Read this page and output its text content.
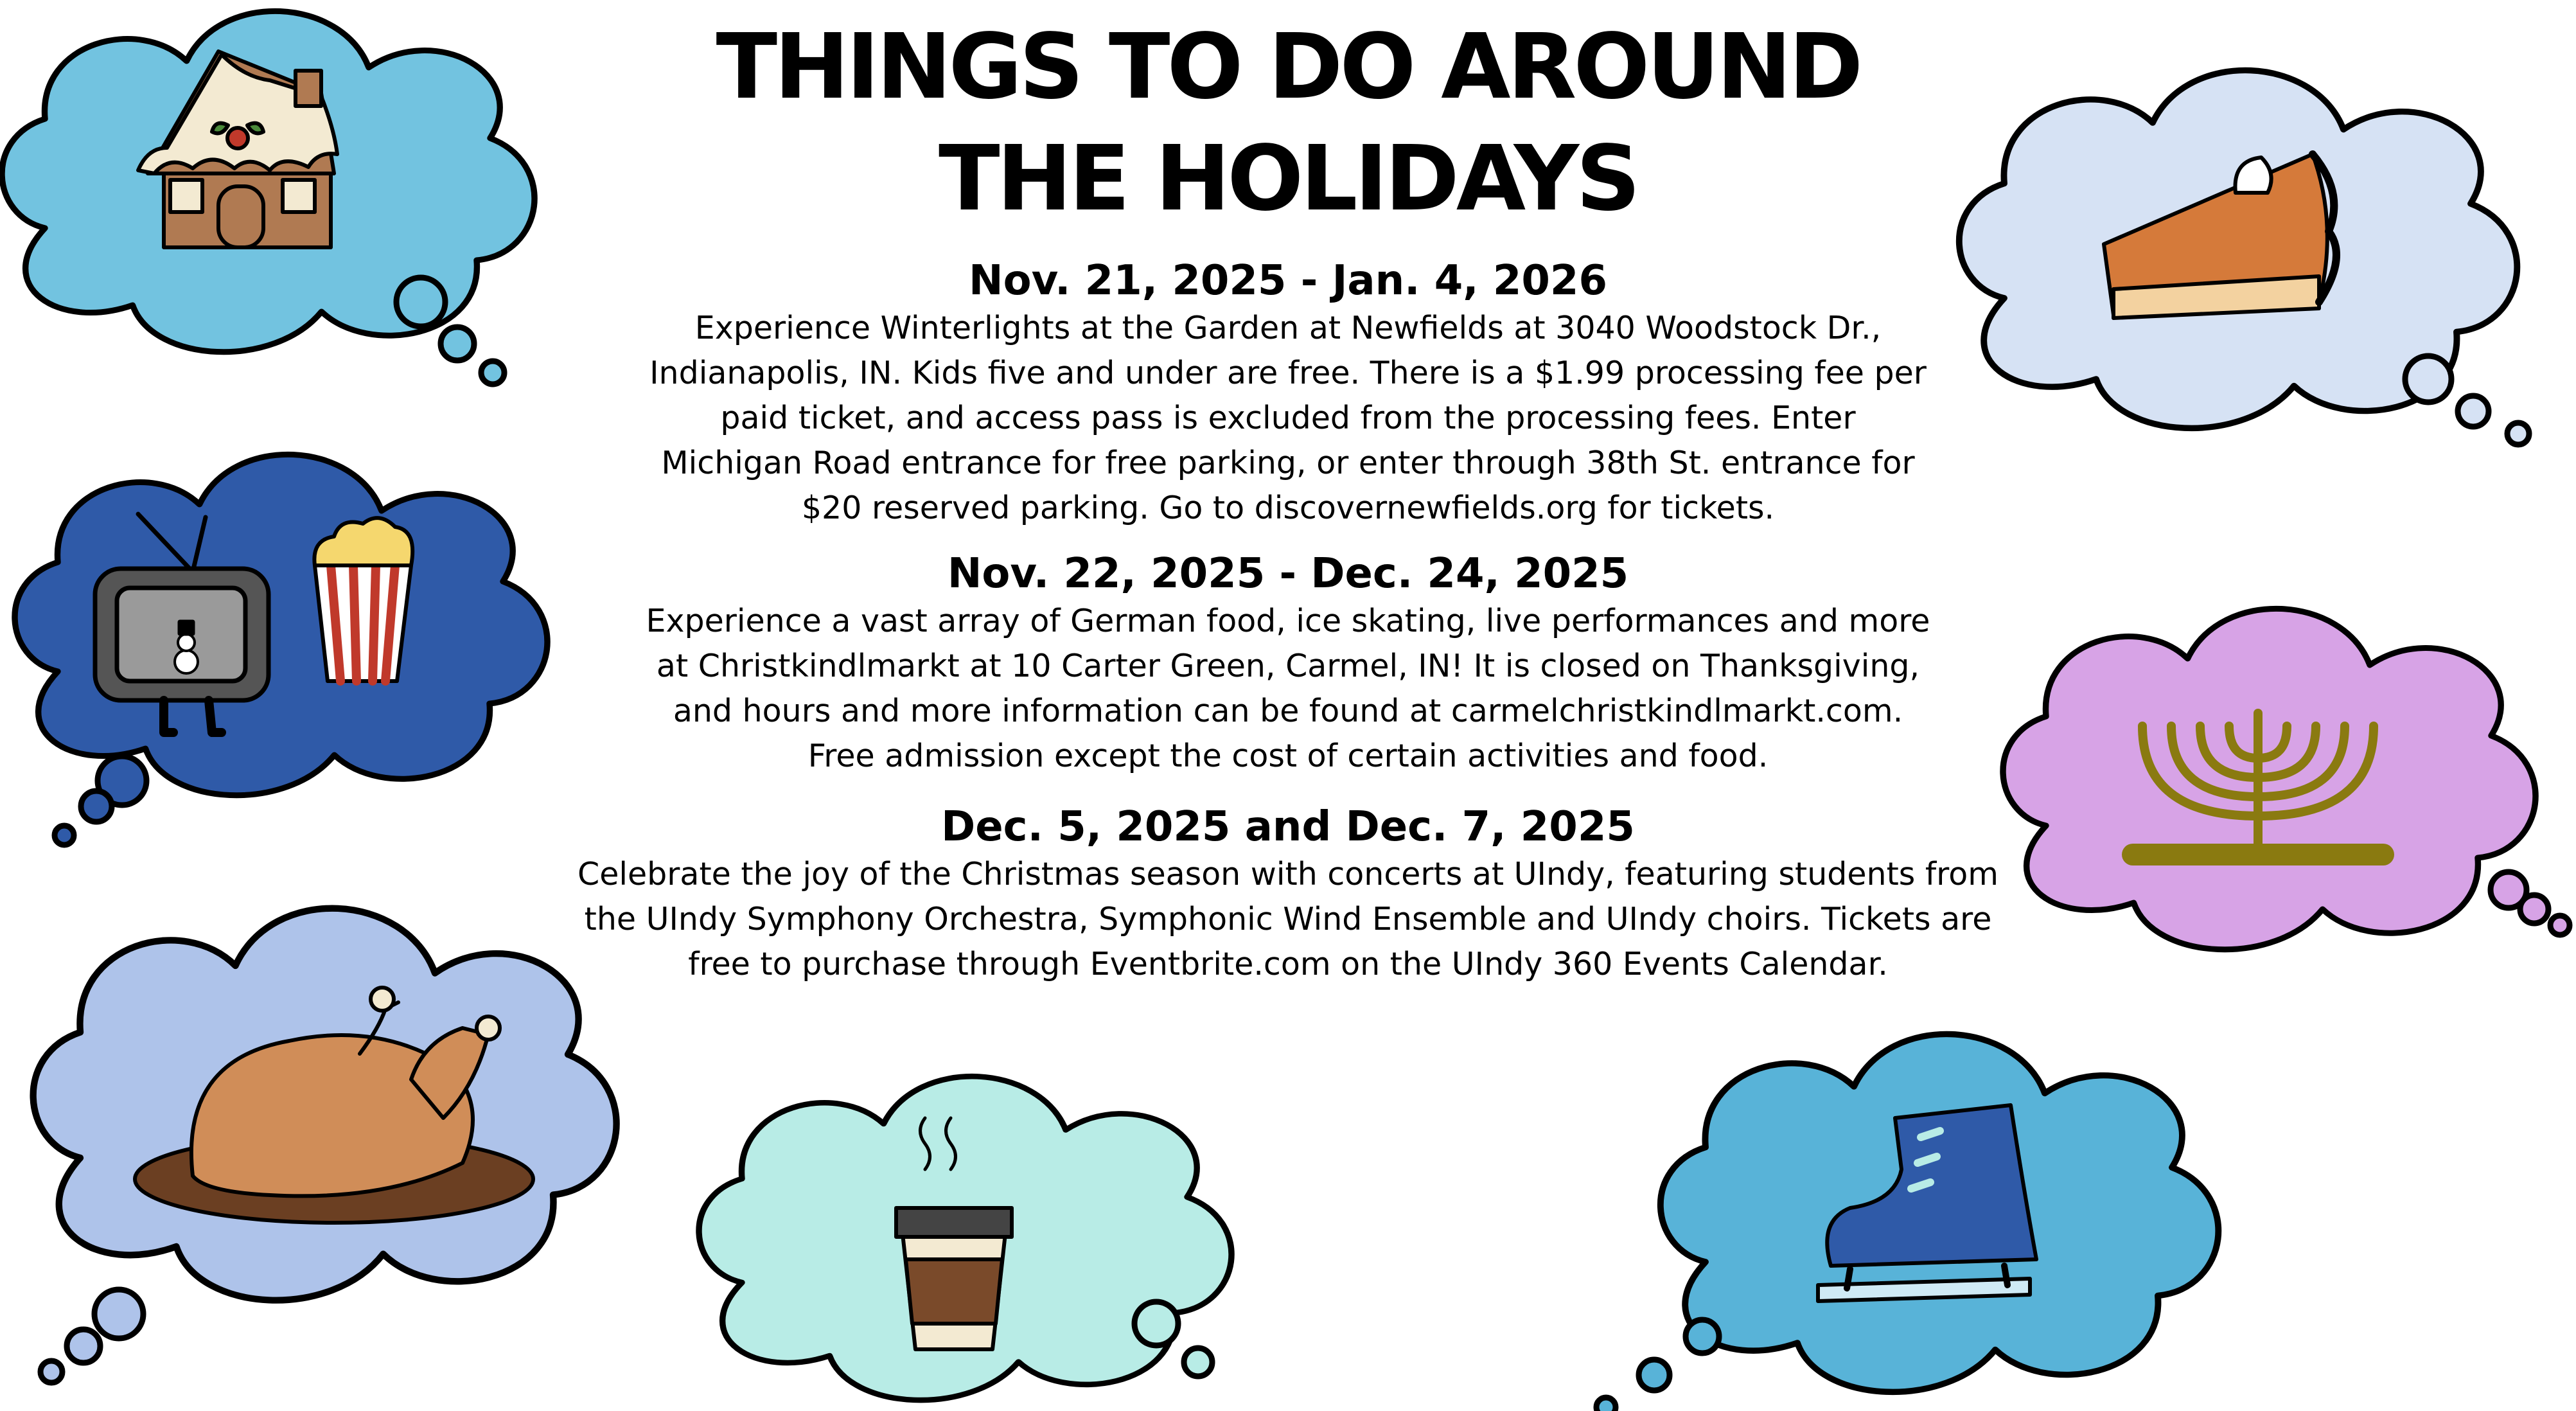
THINGS TO DO AROUND
THE HOLIDAYS
Nov. 21, 2025 - Jan. 4, 2026
Experience Winterlights at the Garden at Newfields at 3040 Woodstock Dr., Indianapolis, IN. Kids five and under are free. There is a $1.99 processing fee per paid ticket, and access pass is excluded from the processing fees. Enter Michigan Road entrance for free parking, or enter through 38th St. entrance for $20 reserved parking. Go to discovernewfields.org for tickets.
Nov. 22, 2025 - Dec. 24, 2025
Experience a vast array of German food, ice skating, live performances and more at Christkindlmarkt at 10 Carter Green, Carmel, IN! It is closed on Thanksgiving, and hours and more information can be found at carmelchristkindlmarkt.com. Free admission except the cost of certain activities and food.
Dec. 5, 2025 and Dec. 7, 2025
Celebrate the joy of the Christmas season with concerts at UIndy, featuring students from the UIndy Symphony Orchestra, Symphonic Wind Ensemble and UIndy choirs. Tickets are free to purchase through Eventbrite.com on the UIndy 360 Events Calendar.
